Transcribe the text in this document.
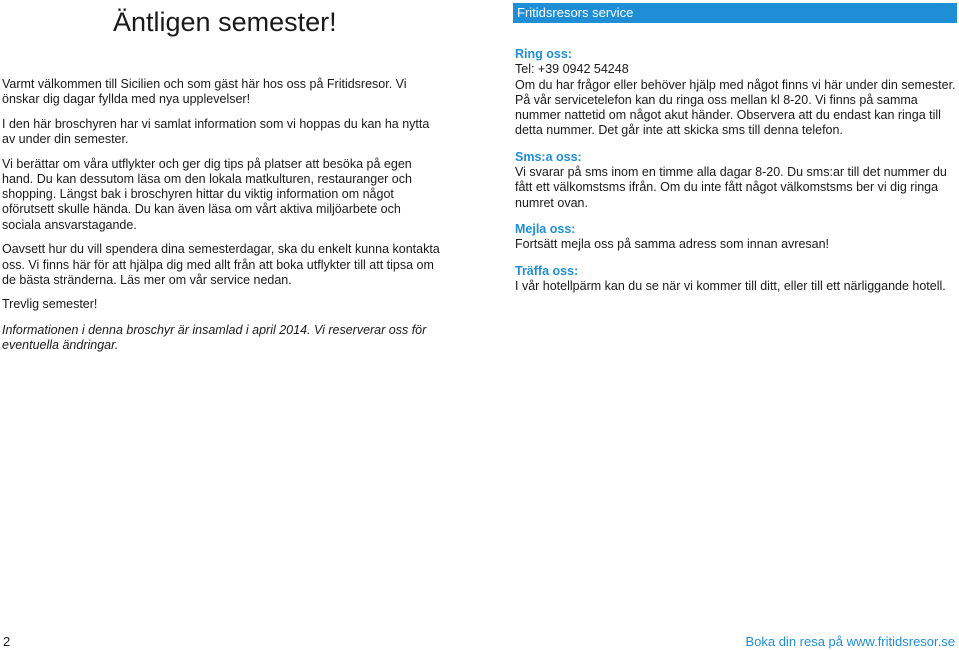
Äntligen semester!

Varmt välkommen till Sicilien och som gäst här hos oss på Fritidsresor. Vi önskar dig dagar fyllda med nya upplevelser!

I den här broschyren har vi samlat information som vi hoppas du kan ha nytta av under din semester.

Vi berättar om våra utflykter och ger dig tips på platser att besöka på egen hand. Du kan dessutom läsa om den lokala matkulturen, restauranger och shopping. Längst bak i broschyren hittar du viktig information om något oförutsett skulle hända. Du kan även läsa om vårt aktiva miljöarbete och sociala ansvarstagande.

Oavsett hur du vill spendera dina semesterdagar, ska du enkelt kunna kontakta oss. Vi finns här för att hjälpa dig med allt från att boka utflykter till att tipsa om de bästa stränderna. Läs mer om vår service nedan.

Trevlig semester!

Informationen i denna broschyr är insamlad i april 2014. Vi reserverar oss för eventuella ändringar.

Fritidsresors service
Ring oss:
Tel: +39 0942 54248
Om du har frågor eller behöver hjälp med något finns vi här under din semester. På vår servicetelefon kan du ringa oss mellan kl 8-20. Vi finns på samma nummer nattetid om något akut händer. Observera att du endast kan ringa till detta nummer. Det går inte att skicka sms till denna telefon.
Sms:a oss:
Vi svarar på sms inom en timme alla dagar 8-20. Du sms:ar till det nummer du fått ett välkomstsms ifrån. Om du inte fått något välkomstsms ber vi dig ringa numret ovan.
Mejla oss:
Fortsätt mejla oss på samma adress som innan avresan!
Träffa oss:
I vår hotellpärm kan du se när vi kommer till ditt, eller till ett närliggande hotell.
2	Boka din resa på www.fritidsresor.se
